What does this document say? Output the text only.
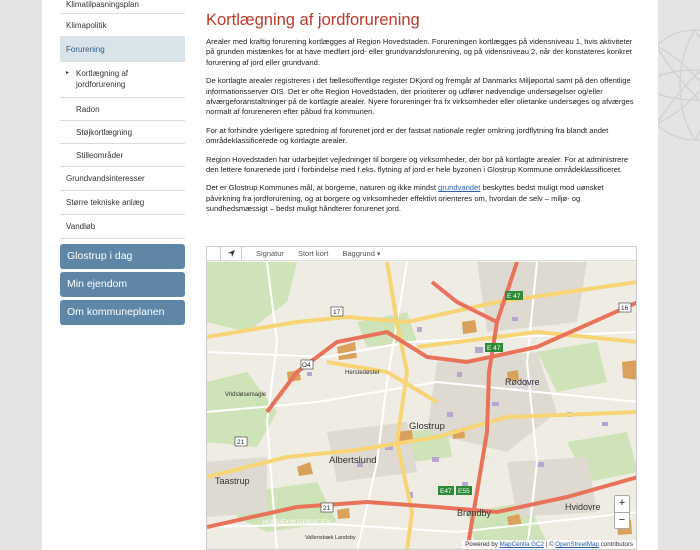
Klimatilpasningsplan
Klimapolitik
Forurening
▸ Kortlægning af jordforurening
Radon
Støjkortlægning
Stilleområder
Grundvandsinteresser
Større tekniske anlæg
Vandløb
Glostrup i dag
Min ejendom
Om kommuneplanen
Kortlægning af jordforurening

Arealer med kraftig forurening kortlægges af Region Hovedstaden. Forureningen kortlægges på vidensniveau 1, hvis aktiviteter på grunden mistænkes for at have medført jord- eller grundvandsforurening, og på vidensniveau 2, når der konstateres konkret forurening af jord eller grundvand.

De kortlagte arealer registreres i det fællesoffentlige register DKjord og fremgår af Danmarks Miljøportal samt på den offentlige informationsserver OIS. Det er ofte Region Hovedstaden, der prioriterer og udfører nødvendige undersøgelser og/eller afværgeforanstaltninger på de kortlagte arealer. Nyere forureninger fra fx virksomheder eller olietanke undersøges og afværges normalt af forureneren efter påbud fra kommunen.

For at forhindre yderligere spredning af forurenet jord er der fastsat nationale regler omkring jordflytning fra blandt andet områdeklassificerede og kortlagte arealer.

Region Hovedstaden har udarbejdet vejledninger til borgere og virksomheder, der bor på kortlagte arealer. For at administrere den lettere forurenede jord i forbindelse med f.eks. flytning af jord er hele byzonen i Glostrup Kommune områdeklassificeret.

Det er Glostrup Kommunes mål, at borgerne, naturen og ikke mindst grundvandet beskyttes bedst muligt mod uønsket påvirkning fra jordforurening, og at borgere og virksomheder effektivt orienteres om, hvordan de selv – miljø- og sundhedsmæssigt – bedst muligt håndterer forurenet jord.

Signatur Stort kort Baggrund ▾
E 47
E 47
E47 E55
16
17
21
21
O4
Glostrup
Albertslund
Taastrup
Rødovre
Brøndby
Hvidovre
Herstedøster
Vridsløsemagle
HOLBÆKMOTORVEJEN
Vallensbæk Landsby
+
−
Powered by MapCentia GC2 | © OpenStreetMap contributors
